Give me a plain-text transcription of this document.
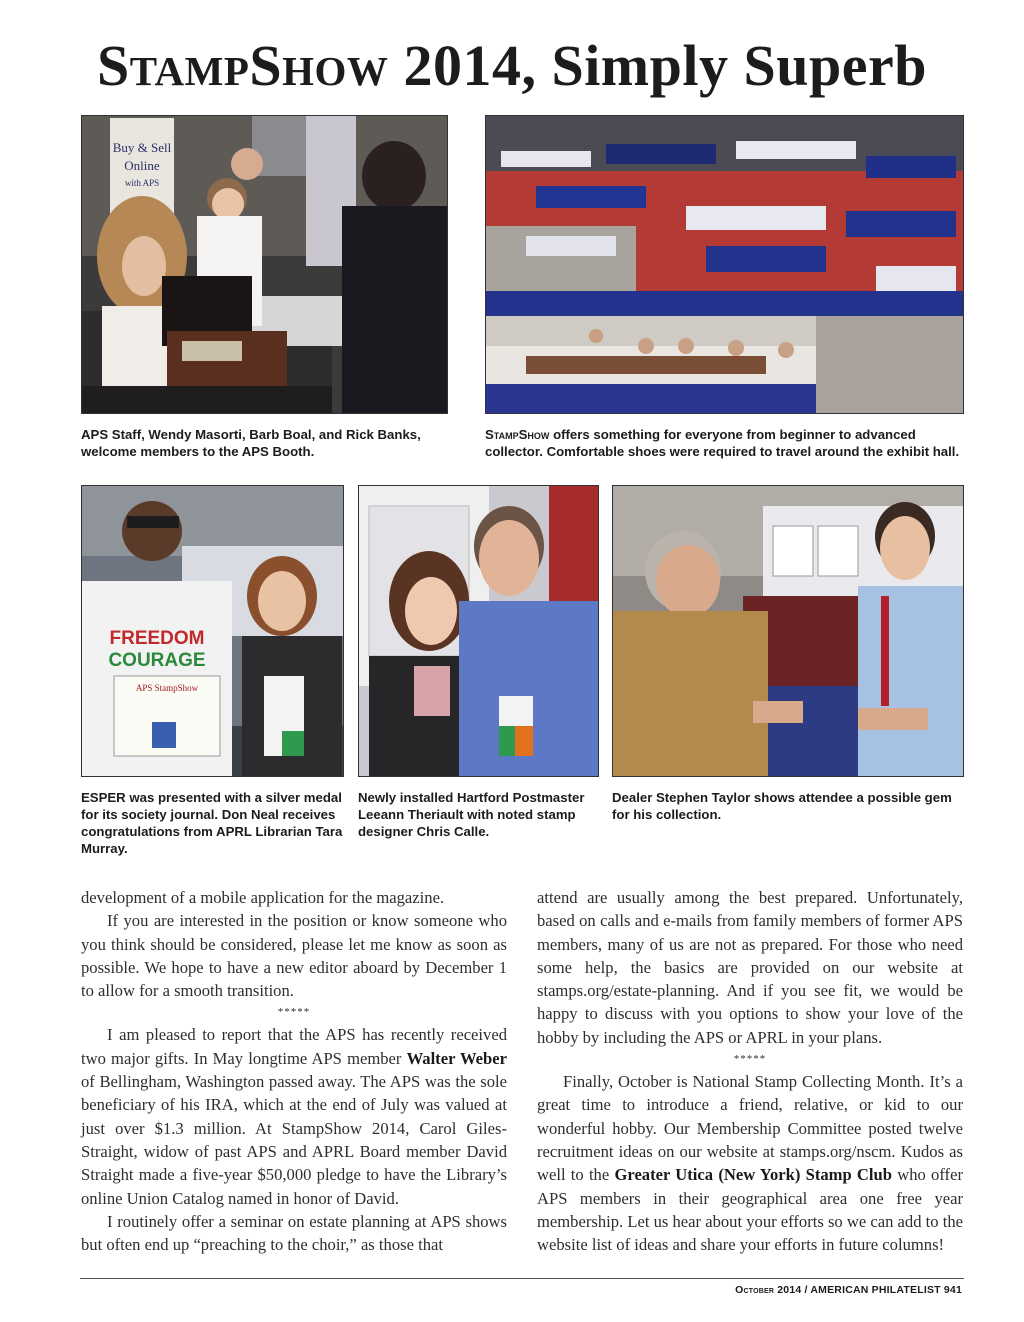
StampShow 2014, Simply Superb
Buy & Sell
Online
with APS
APS Staff, Wendy Masorti, Barb Boal, and Rick Banks, welcome members to the APS Booth.
StampShow offers something for everyone from beginner to advanced collector. Comfortable shoes were required to travel around the exhibit hall.
FREEDOM
COURAGE
APS StampShow
ESPER was presented with a silver medal for its society journal. Don Neal receives congratulations from APRL Librarian Tara Murray.
Newly installed Hartford Postmaster Leeann Theriault with noted stamp designer Chris Calle.
Dealer Stephen Taylor shows attendee a possible gem for his collection.

development of a mobile application for the magazine.

If you are interested in the position or know someone who you think should be considered, please let me know as soon as possible. We hope to have a new editor aboard by December 1 to allow for a smooth transition.

*****

I am pleased to report that the APS has recently received two major gifts. In May longtime APS member Walter Weber of Bellingham, Washington passed away. The APS was the sole beneficiary of his IRA, which at the end of July was valued at just over $1.3 million. At StampShow 2014, Carol Giles-Straight, widow of past APS and APRL Board member David Straight made a five-year $50,000 pledge to have the Library’s online Union Catalog named in honor of David.

I routinely offer a seminar on estate planning at APS shows but often end up “preaching to the choir,” as those that

attend are usually among the best prepared. Unfortunately, based on calls and e-mails from family members of former APS members, many of us are not as prepared. For those who need some help, the basics are provided on our website at stamps.org/estate-planning. And if you see fit, we would be happy to discuss with you options to show your love of the hobby by including the APS or APRL in your plans.

*****

Finally, October is National Stamp Collecting Month. It’s a great time to introduce a friend, relative, or kid to our wonderful hobby. Our Membership Committee posted twelve recruitment ideas on our website at stamps.org/nscm. Kudos as well to the Greater Utica (New York) Stamp Club who offer APS members in their geographical area one free year membership. Let us hear about your efforts so we can add to the website list of ideas and share your efforts in future columns!

October 2014 / AMERICAN PHILATELIST 941
